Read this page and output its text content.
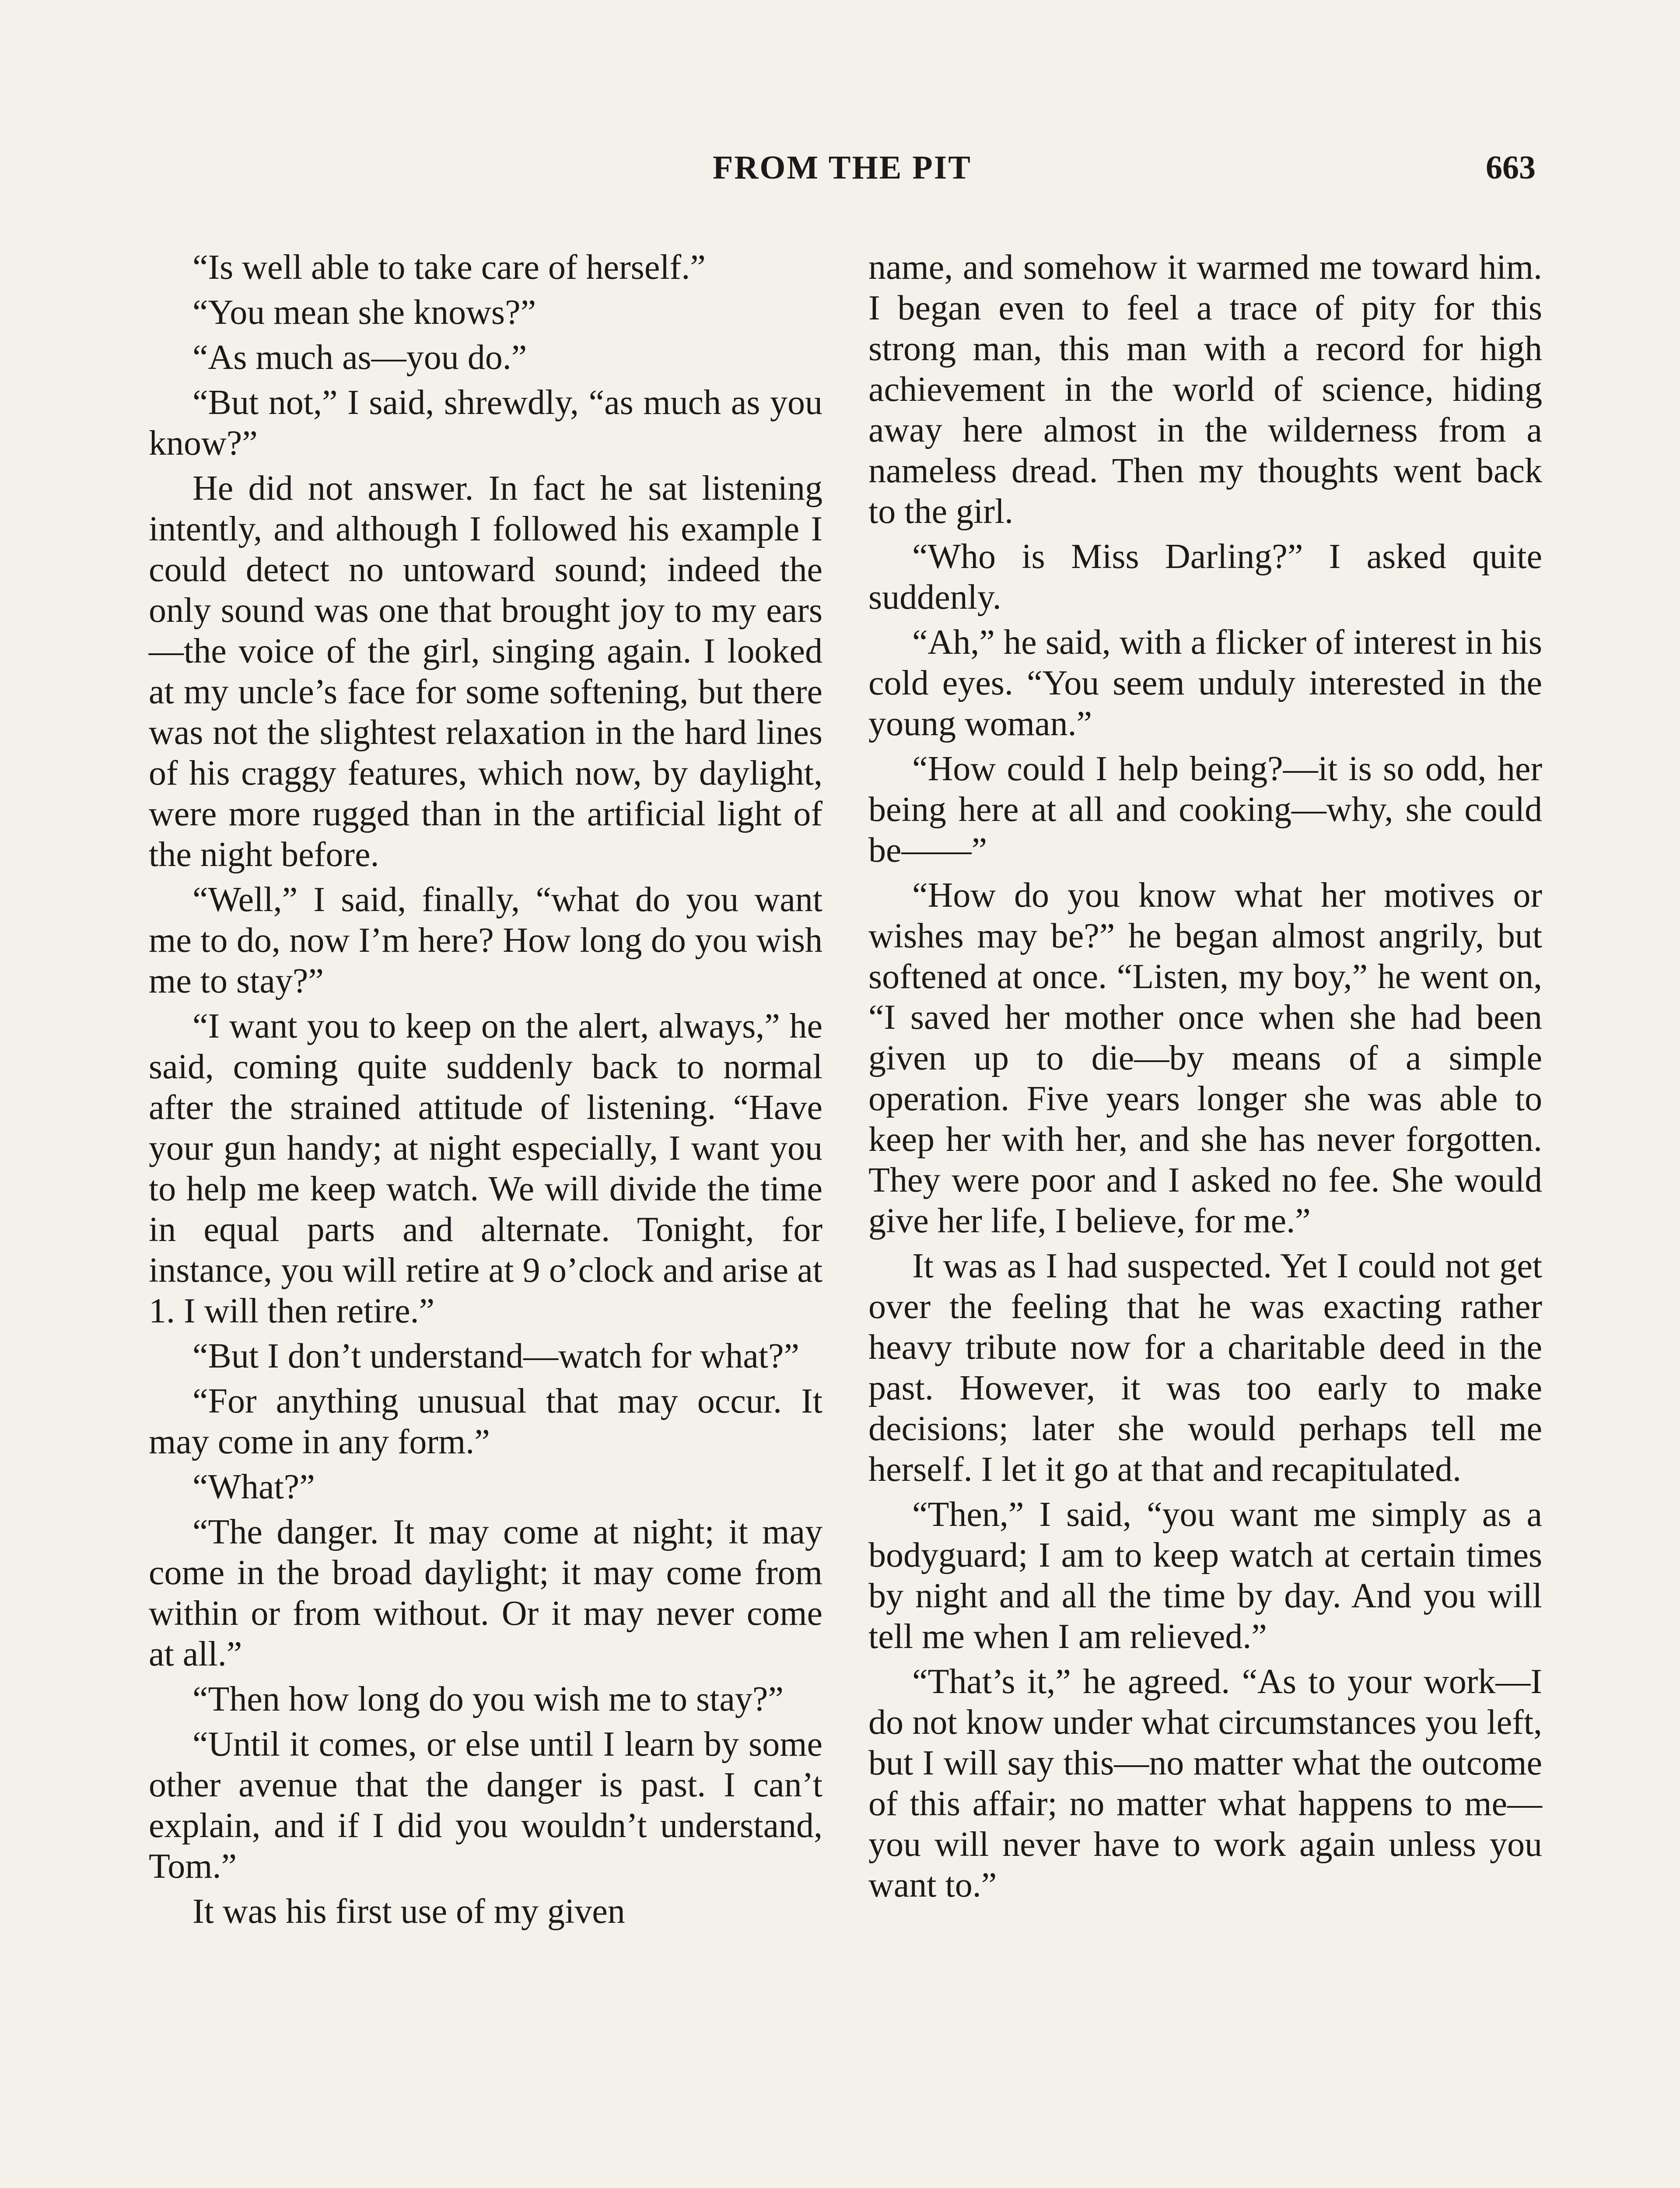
FROM THE PIT	663

“Is well able to take care of herself.”

“You mean she knows?”

“As much as—you do.”

“But not,” I said, shrewdly, “as much as you know?”

He did not answer. In fact he sat listening intently, and although I followed his example I could detect no untoward sound; indeed the only sound was one that brought joy to my ears—the voice of the girl, singing again. I looked at my uncle’s face for some softening, but there was not the slightest relaxation in the hard lines of his craggy features, which now, by daylight, were more rugged than in the artificial light of the night before.

“Well,” I said, finally, “what do you want me to do, now I’m here? How long do you wish me to stay?”

“I want you to keep on the alert, always,” he said, coming quite suddenly back to normal after the strained attitude of listening. “Have your gun handy; at night especially, I want you to help me keep watch. We will divide the time in equal parts and alternate. Tonight, for instance, you will retire at 9 o’clock and arise at 1. I will then retire.”

“But I don’t understand—watch for what?”

“For anything unusual that may occur. It may come in any form.”

“What?”

“The danger. It may come at night; it may come in the broad daylight; it may come from within or from without. Or it may never come at all.”

“Then how long do you wish me to stay?”

“Until it comes, or else until I learn by some other avenue that the danger is past. I can’t explain, and if I did you wouldn’t understand, Tom.”

It was his first use of my given

name, and somehow it warmed me toward him. I began even to feel a trace of pity for this strong man, this man with a record for high achievement in the world of science, hiding away here almost in the wilderness from a nameless dread. Then my thoughts went back to the girl.

“Who is Miss Darling?” I asked quite suddenly.

“Ah,” he said, with a flicker of interest in his cold eyes. “You seem unduly interested in the young woman.”

“How could I help being?—it is so odd, her being here at all and cooking—why, she could be——”

“How do you know what her motives or wishes may be?” he began almost angrily, but softened at once. “Listen, my boy,” he went on, “I saved her mother once when she had been given up to die—by means of a simple operation. Five years longer she was able to keep her with her, and she has never forgotten. They were poor and I asked no fee. She would give her life, I believe, for me.”

It was as I had suspected. Yet I could not get over the feeling that he was exacting rather heavy tribute now for a charitable deed in the past. However, it was too early to make decisions; later she would perhaps tell me herself. I let it go at that and recapitulated.

“Then,” I said, “you want me simply as a bodyguard; I am to keep watch at certain times by night and all the time by day. And you will tell me when I am relieved.”

“That’s it,” he agreed. “As to your work—I do not know under what circumstances you left, but I will say this—no matter what the outcome of this affair; no matter what happens to me—you will never have to work again unless you want to.”
